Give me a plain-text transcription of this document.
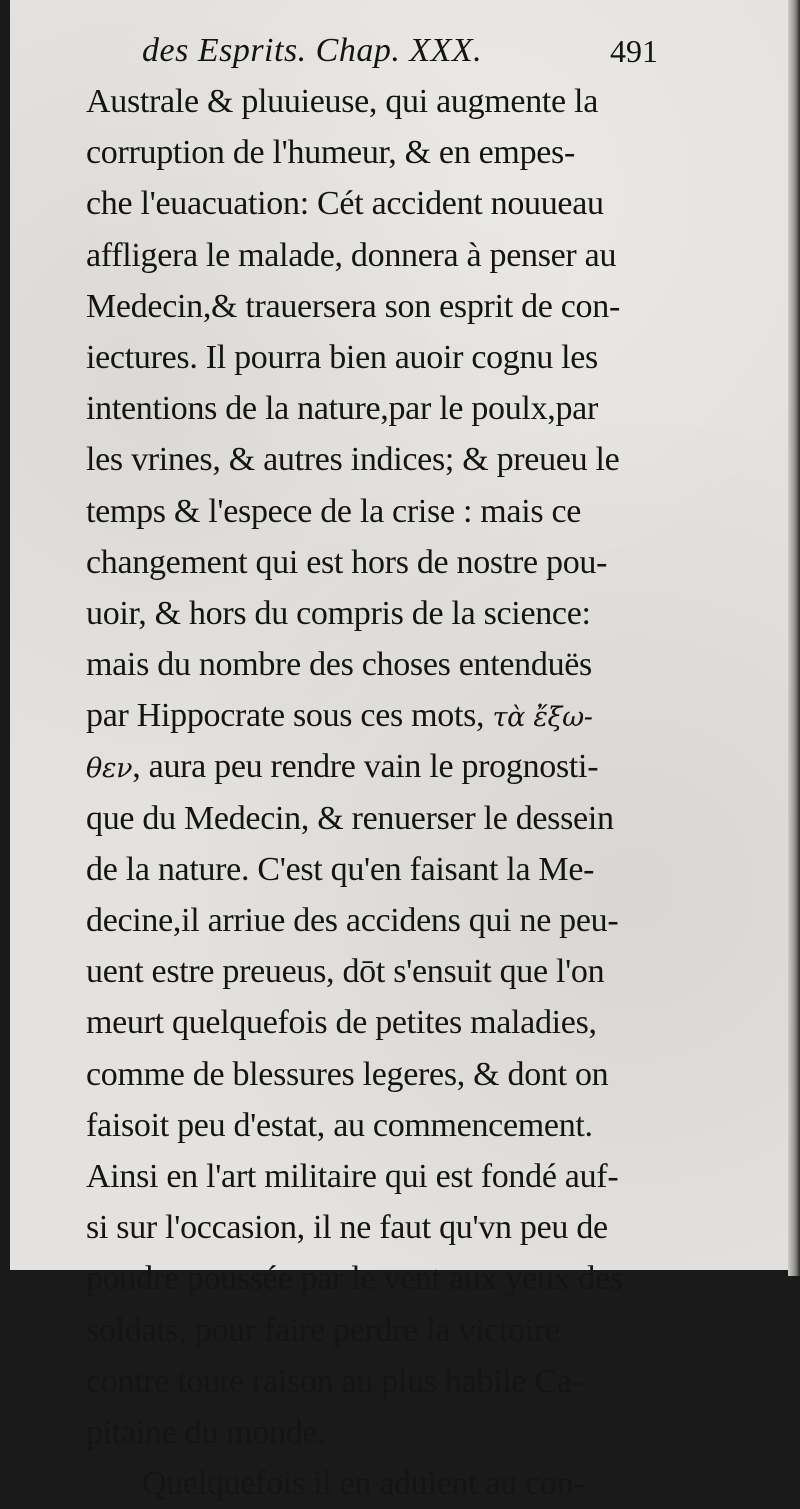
des Esprits. Chap. XXX.	491
Australe & pluuieuse, qui augmente la
corruption de l'humeur, & en empes-
che l'euacuation: Cét accident nouueau
affligera le malade, donnera à penser au
Medecin,& trauersera son esprit de con-
iectures. Il pourra bien auoir cognu les
intentions de la nature,par le poulx,par
les vrines, & autres indices; & preueu le
temps & l'espece de la crise : mais ce
changement qui est hors de nostre pou-
uoir, & hors du compris de la science:
mais du nombre des choses entenduës
par Hippocrate sous ces mots, τὰ ἔξω-
θεν, aura peu rendre vain le prognosti-
que du Medecin, & renuerser le dessein
de la nature. C'est qu'en faisant la Me-
decine,il arriue des accidens qui ne peu-
uent estre preueus, dōt s'ensuit que l'on
meurt quelquefois de petites maladies,
comme de blessures legeres, & dont on
faisoit peu d'estat, au commencement.
Ainsi en l'art militaire qui est fondé auf-
si sur l'occasion, il ne faut qu'vn peu de
poudre poussée par le vent aux yeux des
soldats, pour faire perdre la victoire
contre toute raison au plus habile Ca-
pitaine du monde.
Quelquefois il en aduient au con-
